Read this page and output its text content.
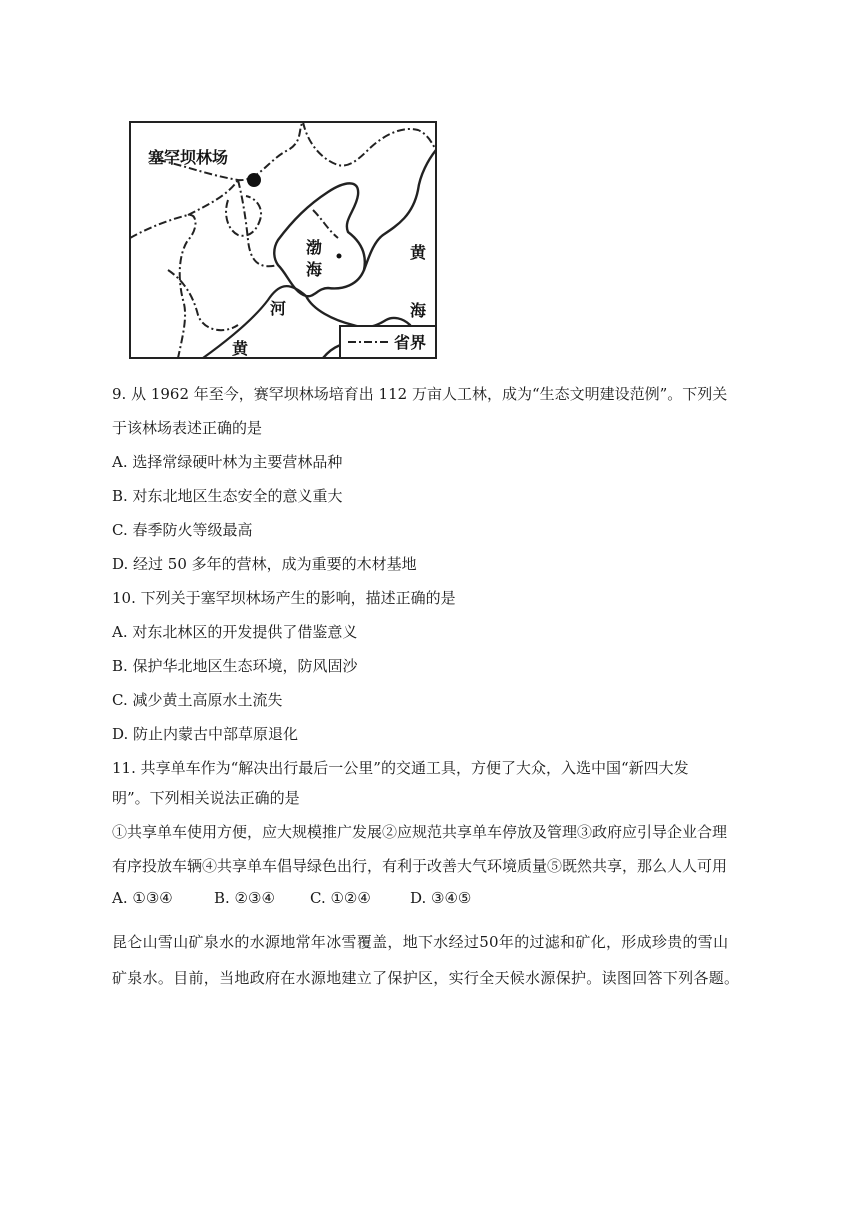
塞罕坝林场
渤
海
黄
海
河
黄	省界
9. 从 1962 年至今，赛罕坝林场培育出 112 万亩人工林，成为“生态文明建设范例”。下列关
于该林场表述正确的是
A. 选择常绿硬叶林为主要营林品种
B. 对东北地区生态安全的意义重大
C. 春季防火等级最高
D. 经过 50 多年的营林，成为重要的木材基地
10. 下列关于塞罕坝林场产生的影响，描述正确的是
A. 对东北林区的开发提供了借鉴意义
B. 保护华北地区生态环境，防风固沙
C. 减少黄土高原水土流失
D. 防止内蒙古中部草原退化
11. 共享单车作为“解决出行最后一公里”的交通工具，方便了大众，入选中国“新四大发
明”。下列相关说法正确的是
①共享单车使用方便，应大规模推广发展②应规范共享单车停放及管理③政府应引导企业合理
有序投放车辆④共享单车倡导绿色出行，有利于改善大气环境质量⑤既然共享，那么人人可用
A. ①③④	B. ②③④ C. ①②④	D. ③④⑤
昆仑山雪山矿泉水的水源地常年冰雪覆盖，地下水经过50年的过滤和矿化，形成珍贵的雪山
矿泉水。目前，当地政府在水源地建立了保护区，实行全天候水源保护。读图回答下列各题。
